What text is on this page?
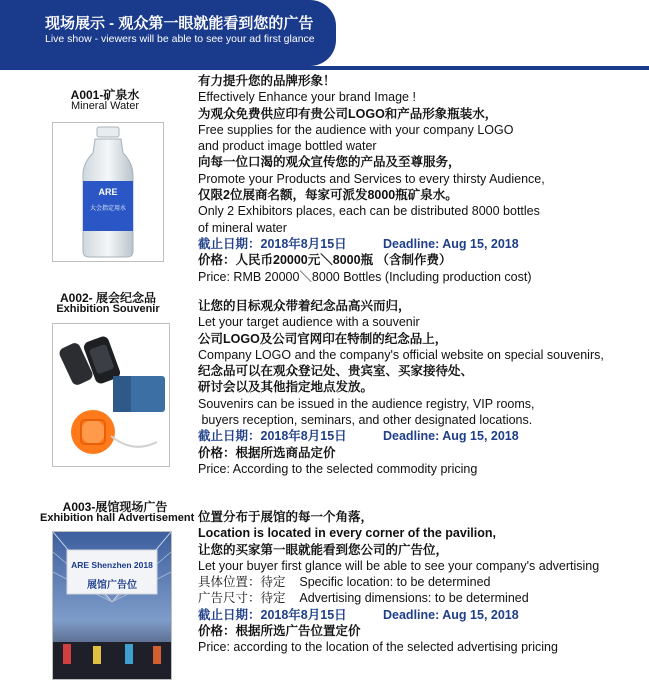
现场展示 - 观众第一眼就能看到您的广告
Live show - viewers will be able to see your ad first glance
A001-矿泉水
Mineral Water
ARE
大会指定用水
有力提升您的品牌形象！
Effectively Enhance your brand Image !
为观众免费供应印有贵公司LOGO和产品形象瓶装水，
Free supplies for the audience with your company LOGO
and product image bottled water
向每一位口渴的观众宣传您的产品及至尊服务，
Promote your Products and Services to every thirsty Audience,
仅限2位展商名额，每家可派发8000瓶矿泉水。
Only 2 Exhibitors places, each can be distributed 8000 bottles
of mineral water
截止日期：2018年8月15日	Deadline: Aug 15, 2018
价格：人民币20000元＼8000瓶 （含制作费）
Price: RMB 20000＼8000 Bottles (Including production cost)
A002- 展会纪念品
Exhibition Souvenir	让您的目标观众带着纪念品高兴而归，
Let your target audience with a souvenir
公司LOGO及公司官网印在特制的纪念品上，
Company LOGO and the company's official website on special souvenirs,
纪念品可以在观众登记处、贵宾室、买家接待处、
研讨会以及其他指定地点发放。
Souvenirs can be issued in the audience registry, VIP rooms,
buyers reception, seminars, and other designated locations.
截止日期：2018年8月15日	Deadline: Aug 15, 2018
价格：根据所选商品定价
Price: According to the selected commodity pricing
A003-展馆现场广告
Exhibition hall Advertisement
ARE Shenzhen 2018
展馆广告位
位置分布于展馆的每一个角落，
Location is located in every corner of the pavilion,
让您的买家第一眼就能看到您公司的广告位，
Let your buyer first glance will be able to see your company's advertising
具体位置：待定    Specific location: to be determined
广告尺寸：待定    Advertising dimensions: to be determined
截止日期：2018年8月15日	Deadline: Aug 15, 2018
价格：根据所选广告位置定价
Price: according to the location of the selected advertising pricing
